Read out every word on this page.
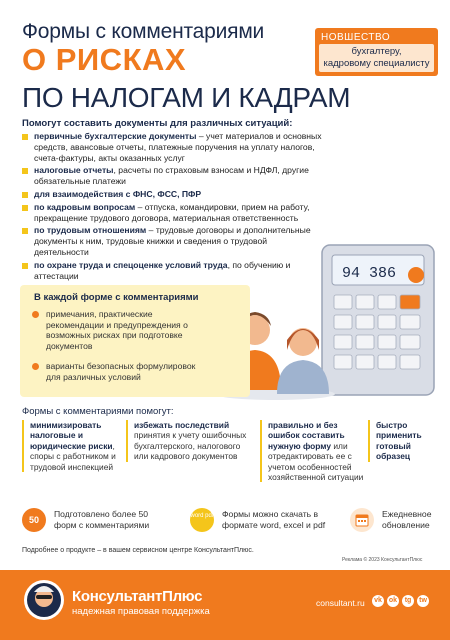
Формы с комментариями
О РИСКАХ
ПО НАЛОГАМ И КАДРАМ
НОВШЕСТВО
бухгалтеру,
кадровому специалисту
Помогут составить документы для различных ситуаций:
первичные бухгалтерские документы – учет материалов и основных средств, авансовые отчеты, платежные поручения на уплату налогов, счета-фактуры, акты оказанных услуг
налоговые отчеты, расчеты по страховым взносам и НДФЛ, другие обязательные платежи
для взаимодействия с ФНС, ФСС, ПФР
по кадровым вопросам – отпуска, командировки, прием на работу, прекращение трудового договора, материальная ответственность
по трудовым отношениям – трудовые договоры и дополнительные документы к ним, трудовые книжки и сведения о трудовой деятельности
по охране труда и спецоценке условий труда, по обучению и аттестации	94 386
В каждой форме с комментариями
примечания, практические рекомендации и предупреждения о возможных рисках при подготовке документов
варианты безопасных формулировок для различных условий
Формы с комментариями помогут:
минимизировать налоговые и юридические риски, споры с работником и трудовой инспекцией
избежать последствий принятия к учету ошибочных бухгалтерского, налогового или кадрового документов
правильно и без ошибок составить нужную форму или отредактировать ее с учетом особенностей хозяйственной ситуации
быстро применить готовый образец
50
Подготовлено более 50 форм с комментариями
word pdf Формы можно скачать в формате word, excel и pdf
Ежедневное обновление
Подробнее о продукте – в вашем сервисном центре КонсультантПлюс.
Реклама © 2023 КонсультантПлюс
КонсультантПлюс
надежная правовая поддержка
consultant.ru vk	ok	tg	tw
